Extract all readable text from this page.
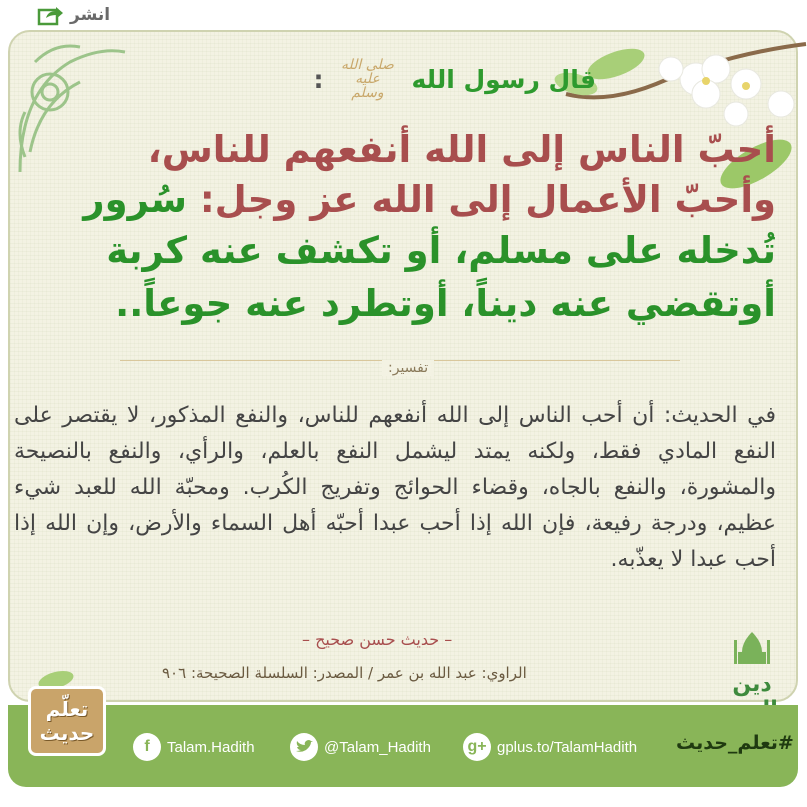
انشر
قال رسول الله
صلى الله عليه وسلم
:
أحبّ الناس إلى الله أنفعهم للناس،
وأحبّ الأعمال إلى الله عز وجل: سُرور
تُدخله على مسلم، أو تكشف عنه كربة
أوتقضي عنه ديناً، أوتطرد عنه جوعاً..
تفسير:
في الحديث: أن أحب الناس إلى الله أنفعهم للناس، والنفع المذكور، لا يقتصر على النفع المادي فقط، ولكنه يمتد ليشمل النفع بالعلم، والرأي، والنفع بالنصيحة والمشورة، والنفع بالجاه، وقضاء الحوائج وتفريج الكُرب. ومحبّة الله للعبد شيء عظيم، ودرجة رفيعة، فإن الله إذا أحب عبدا أحبّه أهل السماء والأرض، وإن الله إذا أحب عبدا لا يعذّبه.
– حديث حسن صحيح –
الراوي: عبد الله بن عمر / المصدر: السلسلة الصحيحة: ٩٠٦	دين
f	Talam.Hadith	@Talam_Hadith g+ gplus.to/TalamHadith #تعلم_حديث
تعلّم
حديث
